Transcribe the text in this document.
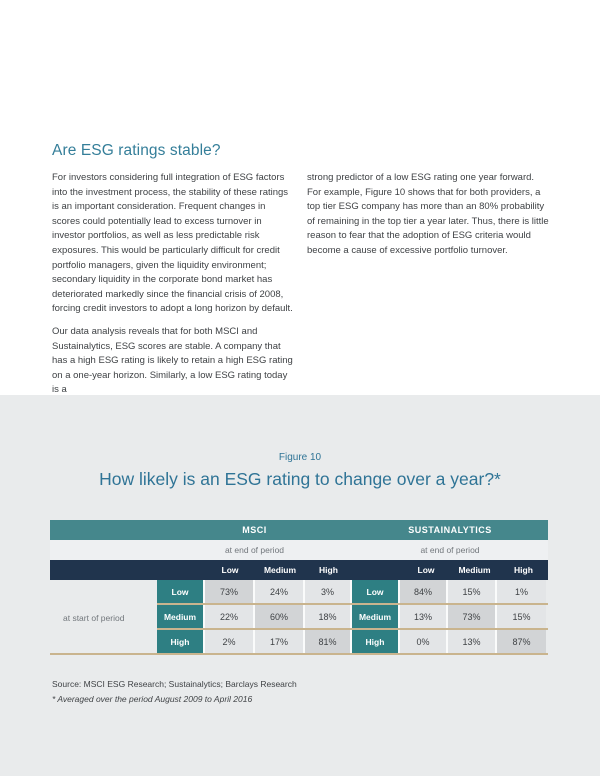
Are ESG ratings stable?

For investors considering full integration of ESG factors into the investment process, the stability of these ratings is an important consideration. Frequent changes in scores could potentially lead to excess turnover in investor portfolios, as well as less predictable risk exposures. This would be particularly difficult for credit portfolio managers, given the liquidity environment; secondary liquidity in the corporate bond market has deteriorated markedly since the financial crisis of 2008, forcing credit investors to adopt a long horizon by default.

Our data analysis reveals that for both MSCI and Sustainalytics, ESG scores are stable. A company that has a high ESG rating is likely to retain a high ESG rating on a one-year horizon. Similarly, a low ESG rating today is a

strong predictor of a low ESG rating one year forward. For example, Figure 10 shows that for both providers, a top tier ESG company has more than an 80% probability of remaining in the top tier a year later. Thus, there is little reason to fear that the adoption of ESG criteria would become a cause of excessive portfolio turnover.

Figure 10
How likely is an ESG rating to change over a year?*
MSCI	SUSTAINALYTICS
at end of period	at end of period
Low	Medium	High	Low	Medium	High
at start of period
Low	73%	24%	3%	Low	84%	15%	1%
Medium	22%	60%	18%	Medium	13%	73%	15%
High	2%	17%	81%	High	0%	13%	87%
Source: MSCI ESG Research; Sustainalytics; Barclays Research
* Averaged over the period August 2009 to April 2016
